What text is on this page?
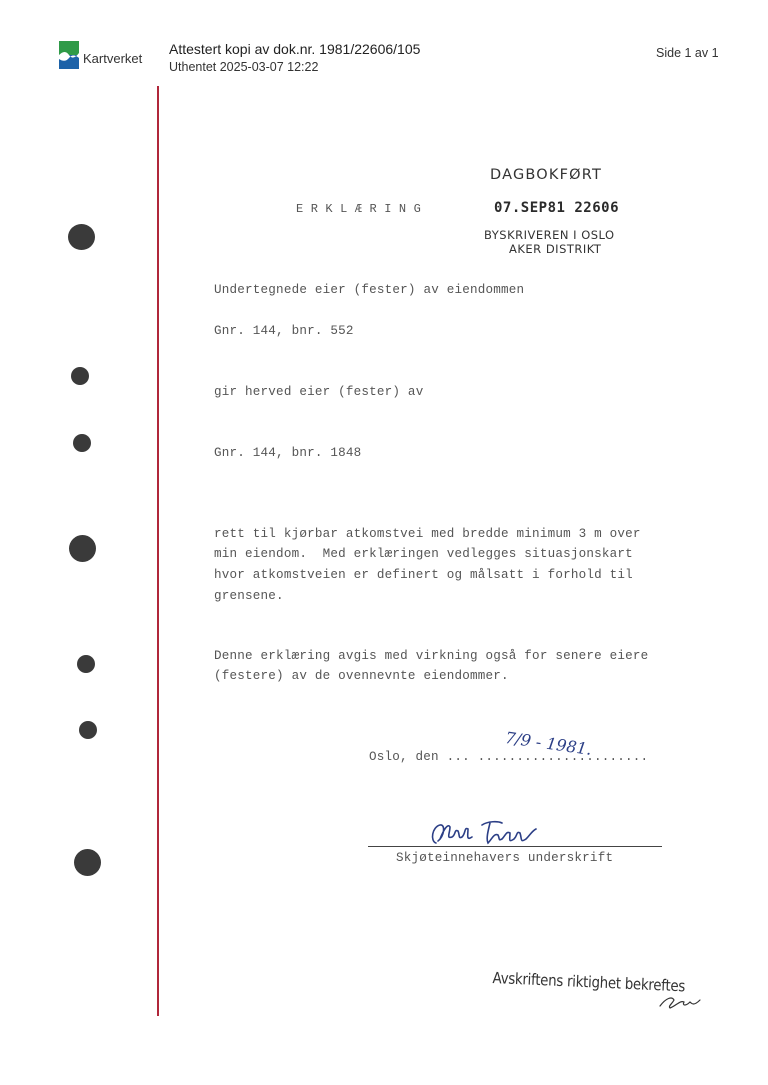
Kartverket
Attestert kopi av dok.nr. 1981/22606/105
Uthentet 2025-03-07 12:22
Side 1 av 1
DAGBOKFØRT
07.SEP81 22606
BYSKRIVEREN I OSLO
AKER DISTRIKT
ERKLÆRING
Undertegnede eier (fester) av eiendommen
Gnr. 144, bnr. 552
gir herved eier (fester) av
Gnr. 144, bnr. 1848
rett til kjørbar atkomstvei med bredde minimum 3 m over
min eiendom.  Med erklæringen vedlegges situasjonskart
hvor atkomstveien er definert og målsatt i forhold til
grensene.
Denne erklæring avgis med virkning også for senere eiere
(festere) av de ovennevnte eiendommer.
Oslo, den ... ......................
7/9 - 1981.
Skjøteinnehavers underskrift
Avskriftens riktighet bekreftes
